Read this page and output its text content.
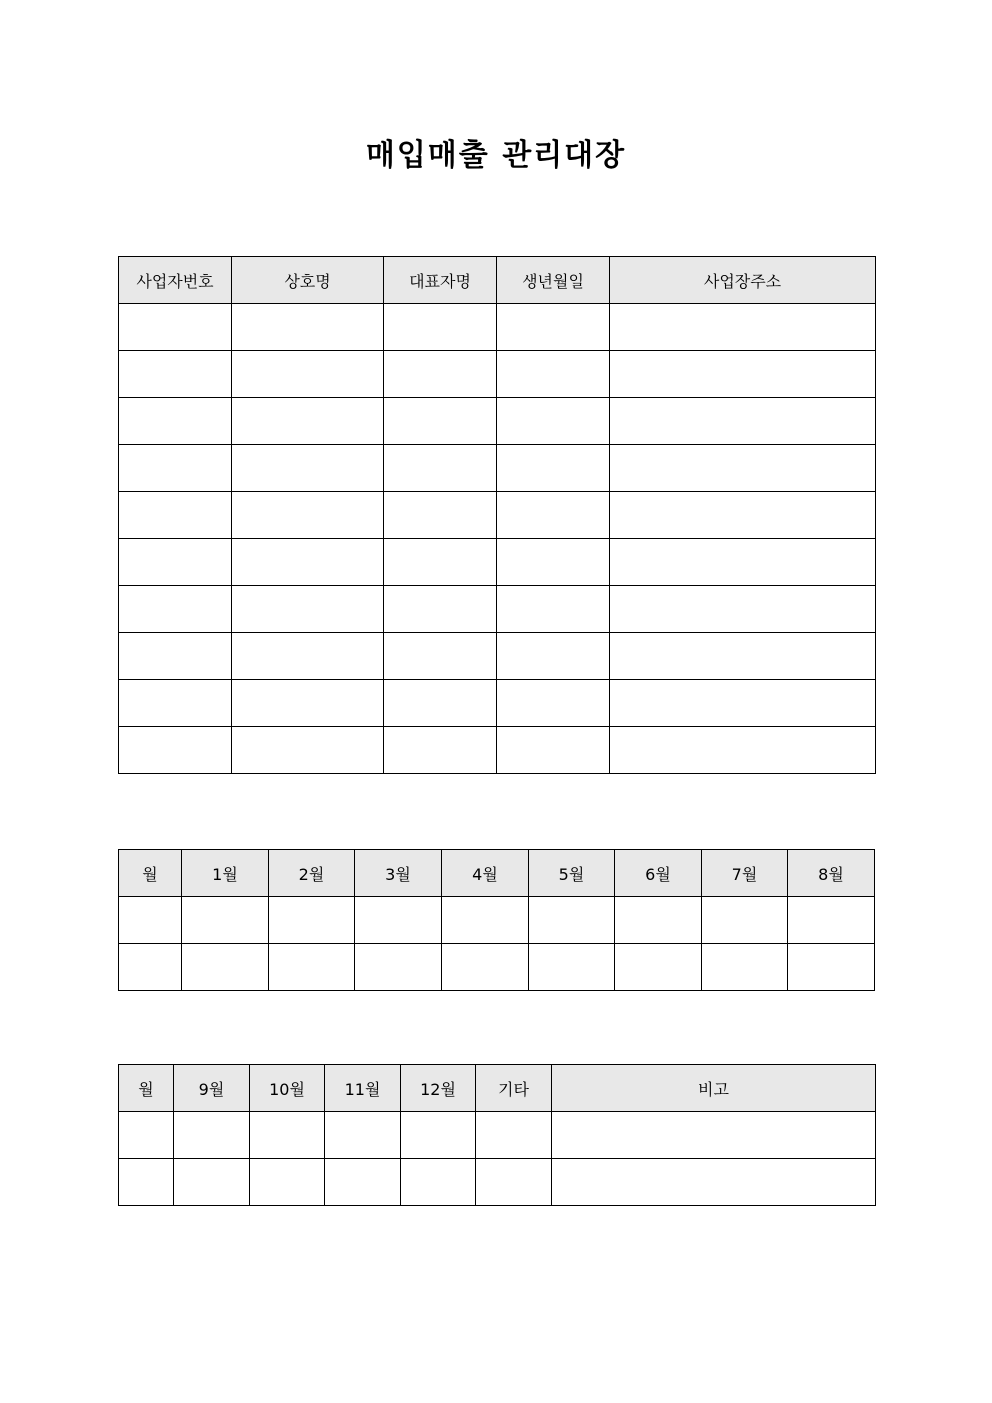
매입매출 관리대장
사업자번호	상호명	대표자명	생년월일	사업장주소

월	1월	2월	3월	4월	5월	6월	7월	8월

월	9월	10월	11월	12월	기타	비고
